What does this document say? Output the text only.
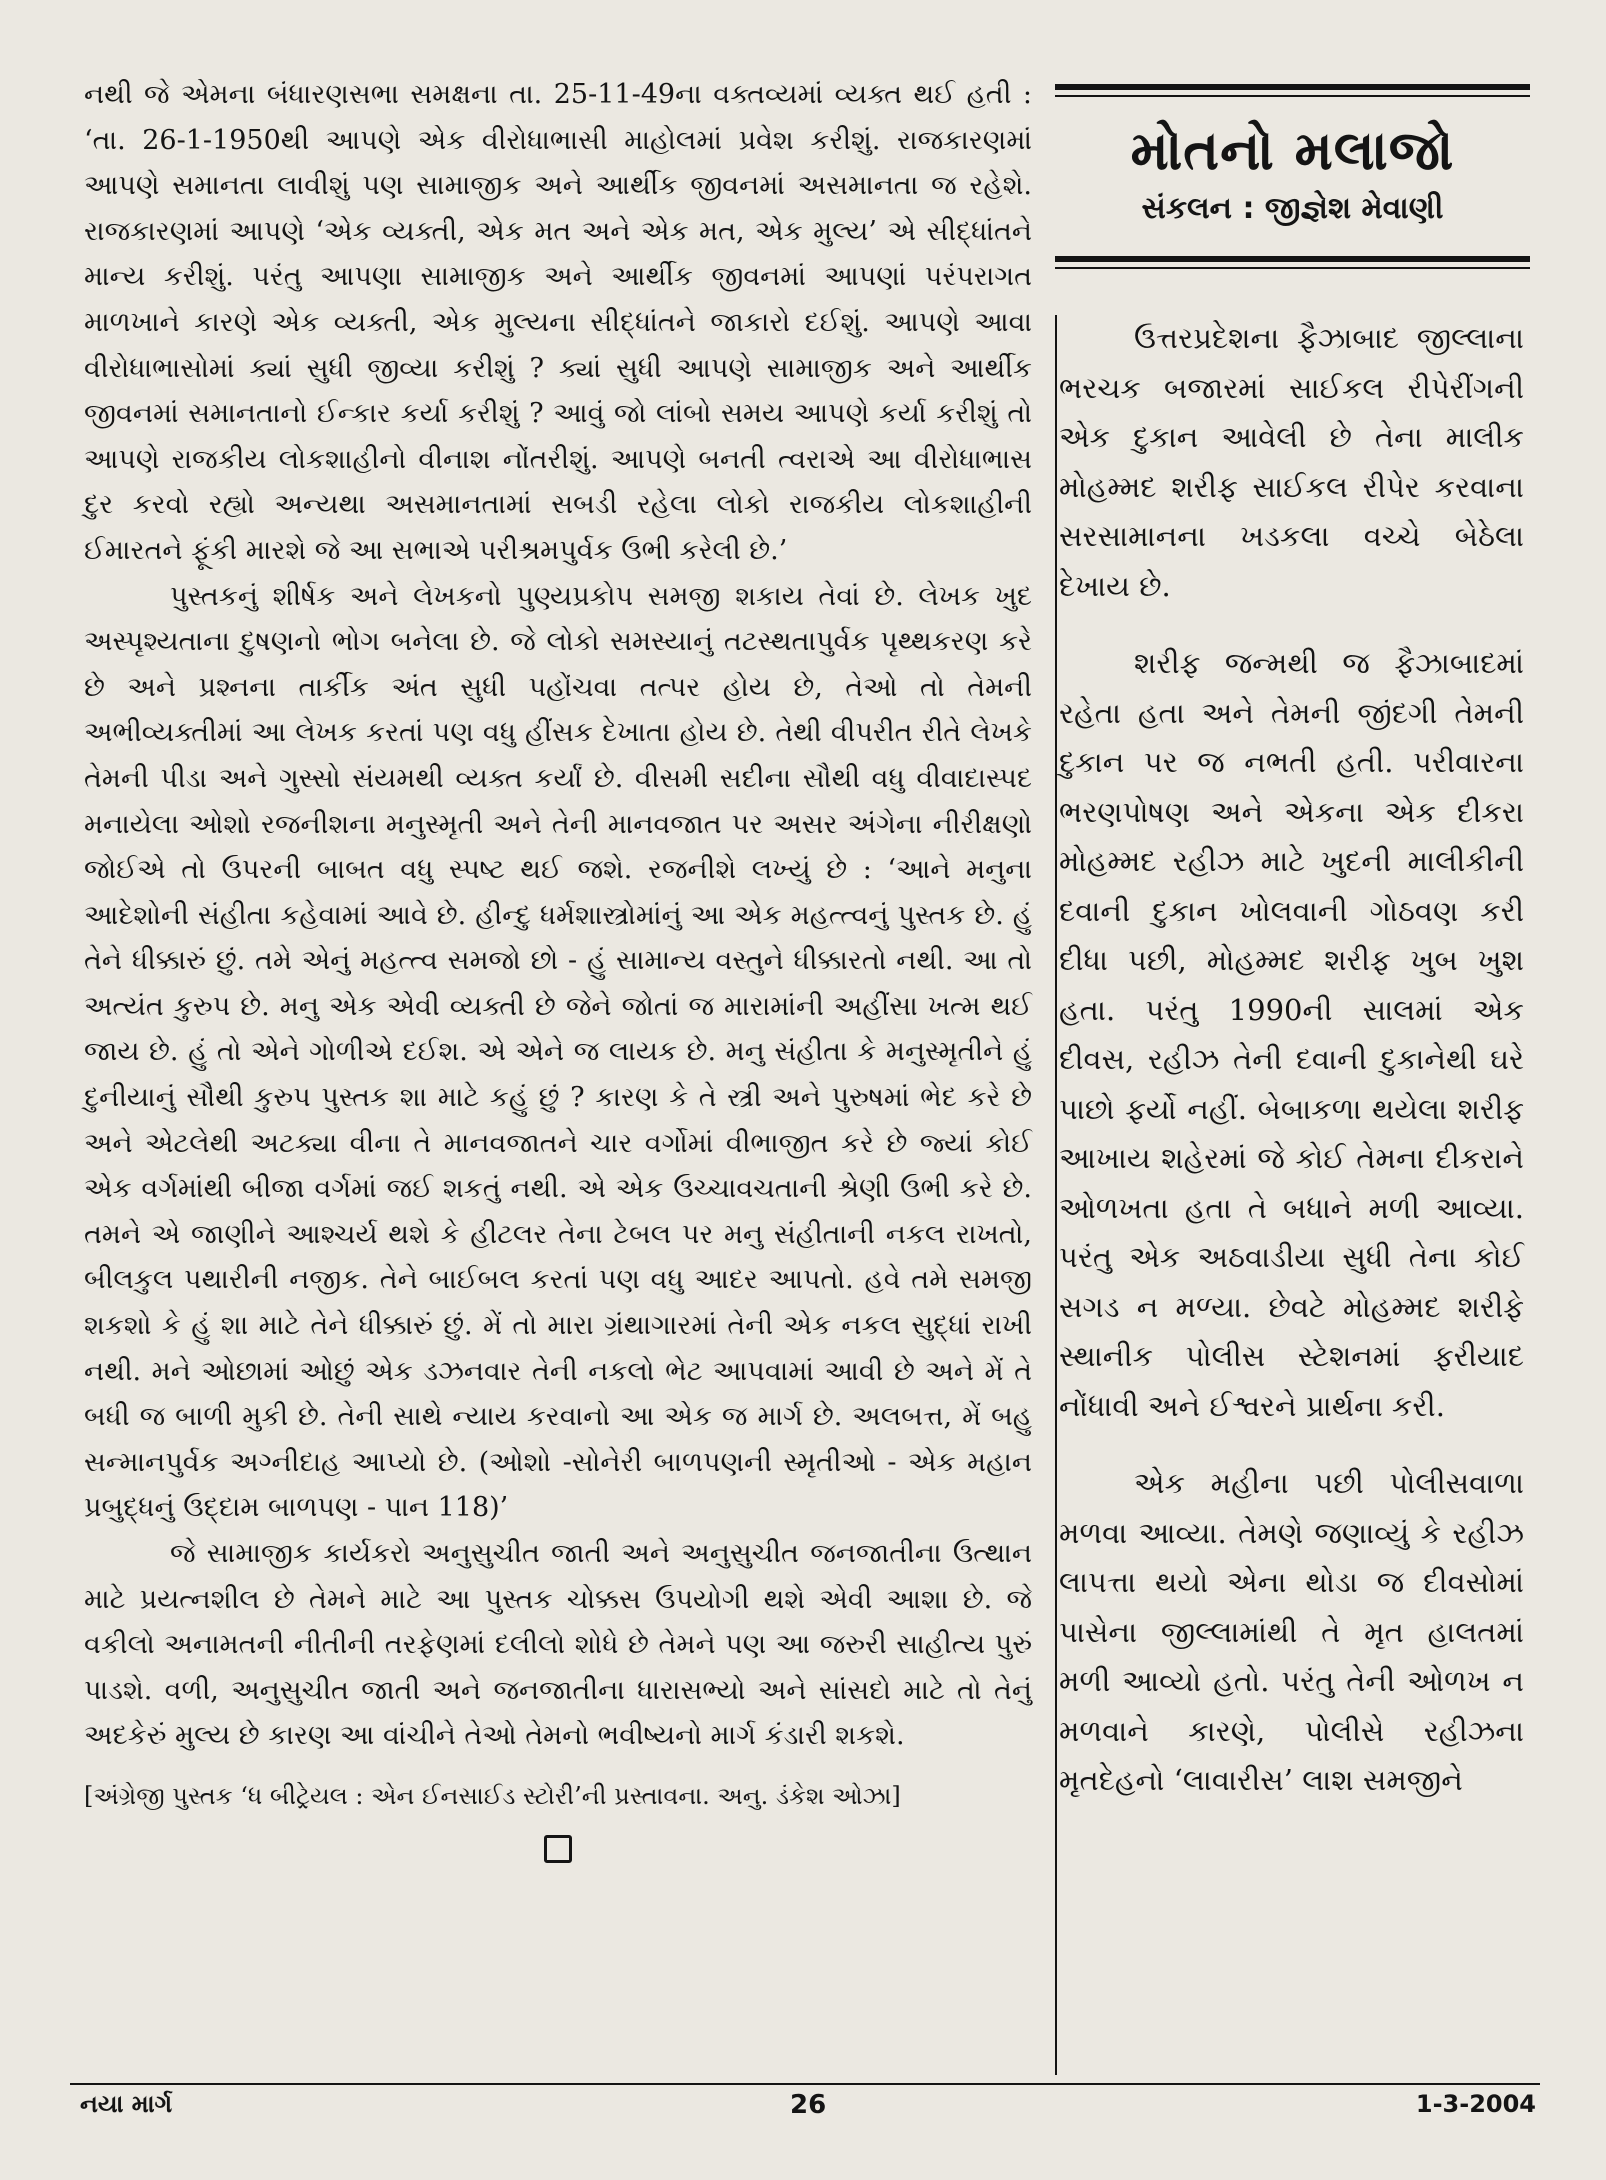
નથી જે એમના બંધારણસભા સમક્ષના તા. 25-11-49ના વક્તવ્યમાં વ્યક્ત થઈ હતી : ‘તા. 26-1-1950થી આપણે એક વીરોધાભાસી માહોલમાં પ્રવેશ કરીશું. રાજકારણમાં આપણે સમાનતા લાવીશું પણ સામાજીક અને આર્થીક જીવનમાં અસમાનતા જ રહેશે. રાજકારણમાં આપણે ‘એક વ્યક્તી, એક મત અને એક મત, એક મુલ્ય’ એ સીદ્ધાંતને માન્ય કરીશું. પરંતુ આપણા સામાજીક અને આર્થીક જીવનમાં આપણાં પરંપરાગત માળખાને કારણે એક વ્યક્તી, એક મુલ્યના સીદ્ધાંતને જાકારો દઈશું. આપણે આવા વીરોધાભાસોમાં ક્યાં સુધી જીવ્યા કરીશું ? ક્યાં સુધી આપણે સામાજીક અને આર્થીક જીવનમાં સમાનતાનો ઈન્કાર કર્યા કરીશું ? આવું જો લાંબો સમય આપણે કર્યા કરીશું તો આપણે રાજકીય લોકશાહીનો વીનાશ નોંતરીશું. આપણે બનતી ત્વરાએ આ વીરોધાભાસ દુર કરવો રહ્યો અન્યથા અસમાનતામાં સબડી રહેલા લોકો રાજકીય લોકશાહીની ઈમારતને ફૂંકી મારશે જે આ સભાએ પરીશ્રમપુર્વક ઉભી કરેલી છે.’

પુસ્તકનું શીર્ષક અને લેખકનો પુણ્યપ્રકોપ સમજી શકાય તેવાં છે. લેખક ખુદ અસ્પૃશ્યતાના દુષણનો ભોગ બનેલા છે. જે લોકો સમસ્યાનું તટસ્થતાપુર્વક પૃથ્થકરણ કરે છે અને પ્રશ્નના તાર્કીક અંત સુધી પહોંચવા તત્પર હોય છે, તેઓ તો તેમની અભીવ્યક્તીમાં આ લેખક કરતાં પણ વધુ હીંસક દેખાતા હોય છે. તેથી વીપરીત રીતે લેખકે તેમની પીડા અને ગુસ્સો સંયમથી વ્યક્ત કર્યાં છે. વીસમી સદીના સૌથી વધુ વીવાદાસ્પદ મનાયેલા ઓશો રજનીશના મનુસ્મૃતી અને તેની માનવજાત પર અસર અંગેના નીરીક્ષણો જોઈએ તો ઉપરની બાબત વધુ સ્પષ્ટ થઈ જશે. રજનીશે લખ્યું છે : ‘આને મનુના આદેશોની સંહીતા કહેવામાં આવે છે. હીન્દુ ધર્મશાસ્ત્રોમાંનું આ એક મહત્ત્વનું પુસ્તક છે. હું તેને ધીક્કારું છું. તમે એનું મહત્ત્વ સમજો છો - હું સામાન્ય વસ્તુને ધીક્કારતો નથી. આ તો અત્યંત કુરુપ છે. મનુ એક એવી વ્યક્તી છે જેને જોતાં જ મારામાંની અહીંસા ખત્મ થઈ જાય છે. હું તો એને ગોળીએ દઈશ. એ એને જ લાયક છે. મનુ સંહીતા કે મનુસ્મૃતીને હું દુનીયાનું સૌથી કુરુપ પુસ્તક શા માટે કહું છું ? કારણ કે તે સ્ત્રી અને પુરુષમાં ભેદ કરે છે અને એટલેથી અટક્યા વીના તે માનવજાતને ચાર વર્ગોમાં વીભાજીત કરે છે જ્યાં કોઈ એક વર્ગમાંથી બીજા વર્ગમાં જઈ શકતું નથી. એ એક ઉચ્ચાવચતાની શ્રેણી ઉભી કરે છે. તમને એ જાણીને આશ્ચર્ય થશે કે હીટલર તેના ટેબલ પર મનુ સંહીતાની નકલ રાખતો, બીલકુલ પથારીની નજીક. તેને બાઈબલ કરતાં પણ વધુ આદર આપતો. હવે તમે સમજી શકશો કે હું શા માટે તેને ધીક્કારું છું. મેં તો મારા ગ્રંથાગારમાં તેની એક નકલ સુદ્ધાં રાખી નથી. મને ઓછામાં ઓછું એક ડઝનવાર તેની નકલો ભેટ આપવામાં આવી છે અને મેં તે બધી જ બાળી મુકી છે. તેની સાથે ન્યાય કરવાનો આ એક જ માર્ગ છે. અલબત્ત, મેં બહુ સન્માનપુર્વક અગ્નીદાહ આપ્યો છે. (ઓશો -સોનેરી બાળપણની સ્મૃતીઓ - એક મહાન પ્રબુદ્ધનું ઉદ્દામ બાળપણ - પાન 118)’

જે સામાજીક કાર્યકરો અનુસુચીત જાતી અને અનુસુચીત જનજાતીના ઉત્થાન માટે પ્રયત્નશીલ છે તેમને માટે આ પુસ્તક ચોક્કસ ઉપયોગી થશે એવી આશા છે. જે વકીલો અનામતની નીતીની તરફેણમાં દલીલો શોધે છે તેમને પણ આ જરુરી સાહીત્ય પુરું પાડશે. વળી, અનુસુચીત જાતી અને જનજાતીના ધારાસભ્યો અને સાંસદો માટે તો તેનું અદકેરું મુલ્ય છે કારણ આ વાંચીને તેઓ તેમનો ભવીષ્યનો માર્ગ કંડારી શકશે.

[અંગ્રેજી પુસ્તક ‘ધ બીટ્રેયલ : એન ઈનસાઈડ સ્ટોરી’ની પ્રસ્તાવના. અનુ. ડંકેશ ઓઝા]

મોતનો મલાજો
સંકલન : જીજ્ઞેશ મેવાણી

ઉત્તરપ્રદેશના ફૈઝાબાદ જીલ્લાના ભરચક બજારમાં સાઈકલ રીપેરીંગની એક દુકાન આવેલી છે તેના માલીક મોહમ્મદ શરીફ સાઈકલ રીપેર કરવાના સરસામાનના ખડકલા વચ્ચે બેઠેલા દેખાય છે.

શરીફ જન્મથી જ ફૈઝાબાદમાં રહેતા હતા અને તેમની જીંદગી તેમની દુકાન પર જ નભતી હતી. પરીવારના ભરણપોષણ અને એકના એક દીકરા મોહમ્મદ રહીઝ માટે ખુદની માલીકીની દવાની દુકાન ખોલવાની ગોઠવણ કરી દીધા પછી, મોહમ્મદ શરીફ ખુબ ખુશ હતા. પરંતુ 1990ની સાલમાં એક દીવસ, રહીઝ તેની દવાની દુકાનેથી ઘરે પાછો ફર્યો નહીં. બેબાકળા થયેલા શરીફ આખાય શહેરમાં જે કોઈ તેમના દીકરાને ઓળખતા હતા તે બધાને મળી આવ્યા. પરંતુ એક અઠવાડીયા સુધી તેના કોઈ સગડ ન મળ્યા. છેવટે મોહમ્મદ શરીફે સ્થાનીક પોલીસ સ્ટેશનમાં ફરીયાદ નોંધાવી અને ઈશ્વરને પ્રાર્થના કરી.

એક મહીના પછી પોલીસવાળા મળવા આવ્યા. તેમણે જણાવ્યું કે રહીઝ લાપત્તા થયો એના થોડા જ દીવસોમાં પાસેના જીલ્લામાંથી તે મૃત હાલતમાં મળી આવ્યો હતો. પરંતુ તેની ઓળખ ન મળવાને કારણે, પોલીસે રહીઝના મૃતદેહનો ‘લાવારીસ’ લાશ સમજીને

નયા માર્ગ	26	1-3-2004
